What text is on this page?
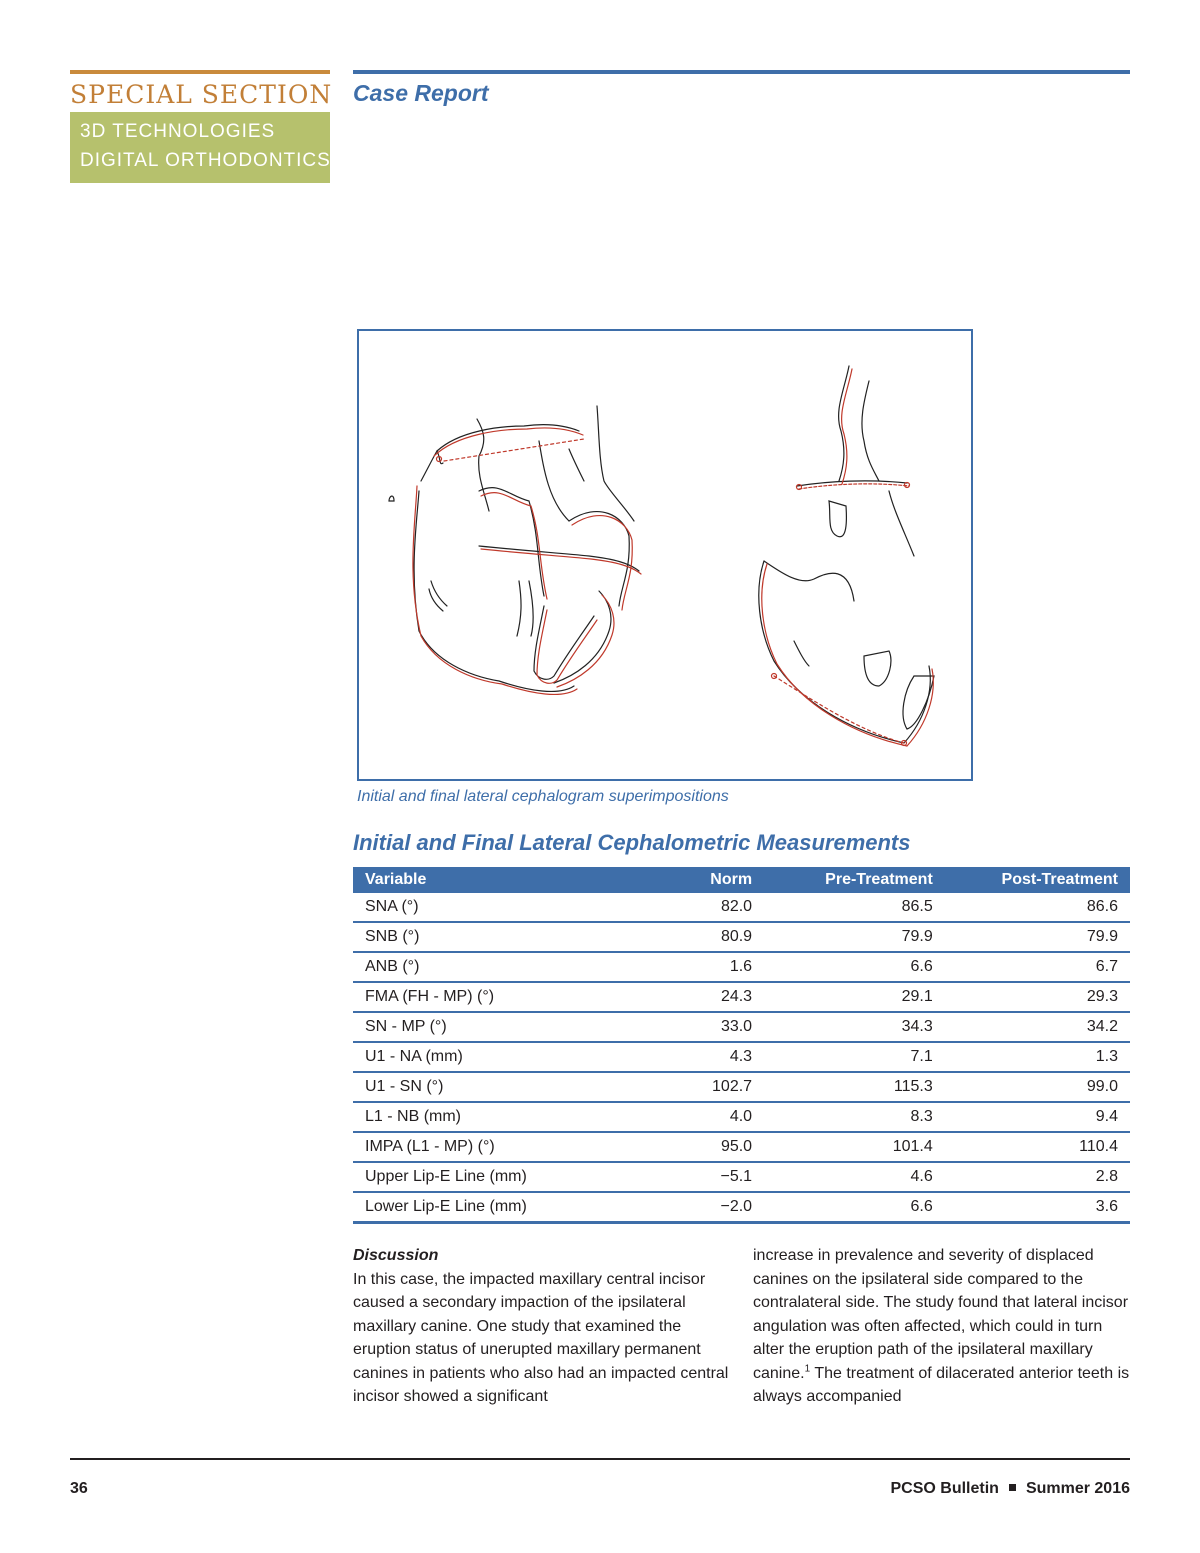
SPECIAL SECTION
3D TECHNOLOGIES
DIGITAL ORTHODONTICS
Case Report
Initial and final lateral cephalogram superimpositions
Initial and Final Lateral Cephalometric Measurements
Variable	Norm	Pre-Treatment	Post-Treatment
SNA (°)	82.0	86.5	86.6
SNB (°)	80.9	79.9	79.9
ANB (°)	1.6	6.6	6.7
FMA (FH - MP) (°)	24.3	29.1	29.3
SN - MP (°)	33.0	34.3	34.2
U1 - NA (mm)	4.3	7.1	1.3
U1 - SN (°)	102.7	115.3	99.0
L1 - NB (mm)	4.0	8.3	9.4
IMPA (L1 - MP) (°)	95.0	101.4	110.4
Upper Lip-E Line (mm)	−5.1	4.6	2.8
Lower Lip-E Line (mm)	−2.0	6.6	3.6

Discussion

In this case, the impacted maxillary central incisor caused a secondary impaction of the ipsilateral maxillary canine. One study that examined the eruption status of unerupted maxillary permanent canines in patients who also had an impacted central incisor showed a significant

increase in prevalence and severity of displaced canines on the ipsilateral side compared to the contralateral side. The study found that lateral incisor angulation was often affected, which could in turn alter the eruption path of the ipsilateral maxillary canine.$^1$ The treatment of dilacerated anterior teeth is always accompanied

36	PCSO Bulletin Summer 2016
